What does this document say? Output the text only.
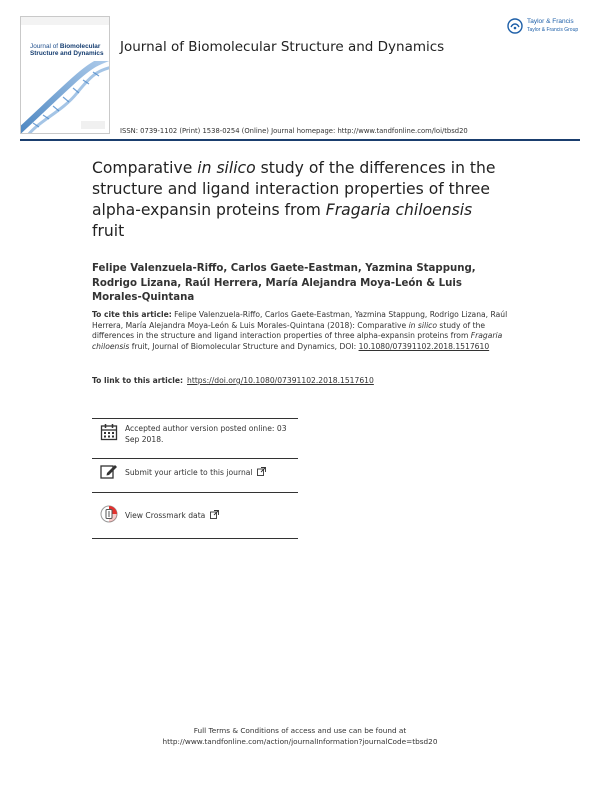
Journal of Biomolecular
Structure and Dynamics Journal of Biomolecular Structure and Dynamics
Taylor & Francis
Taylor & Francis Group
ISSN: 0739-1102 (Print) 1538-0254 (Online) Journal homepage: http://www.tandfonline.com/loi/tbsd20
Comparative in silico study of the differences in the structure and ligand interaction properties of three alpha-expansin proteins from Fragaria chiloensis fruit
Felipe Valenzuela-Riffo, Carlos Gaete-Eastman, Yazmina Stappung, Rodrigo Lizana, Raúl Herrera, María Alejandra Moya-León & Luis Morales-Quintana
To cite this article: Felipe Valenzuela-Riffo, Carlos Gaete-Eastman, Yazmina Stappung, Rodrigo Lizana, Raúl Herrera, María Alejandra Moya-León & Luis Morales-Quintana (2018): Comparative in silico study of the differences in the structure and ligand interaction properties of three alpha-expansin proteins from Fragaria chiloensis fruit, Journal of Biomolecular Structure and Dynamics, DOI: 10.1080/07391102.2018.1517610
To link to this article: https://doi.org/10.1080/07391102.2018.1517610
Accepted author version posted online: 03 Sep 2018.
Submit your article to this journal
View Crossmark data
Full Terms & Conditions of access and use can be found at
http://www.tandfonline.com/action/journalInformation?journalCode=tbsd20
